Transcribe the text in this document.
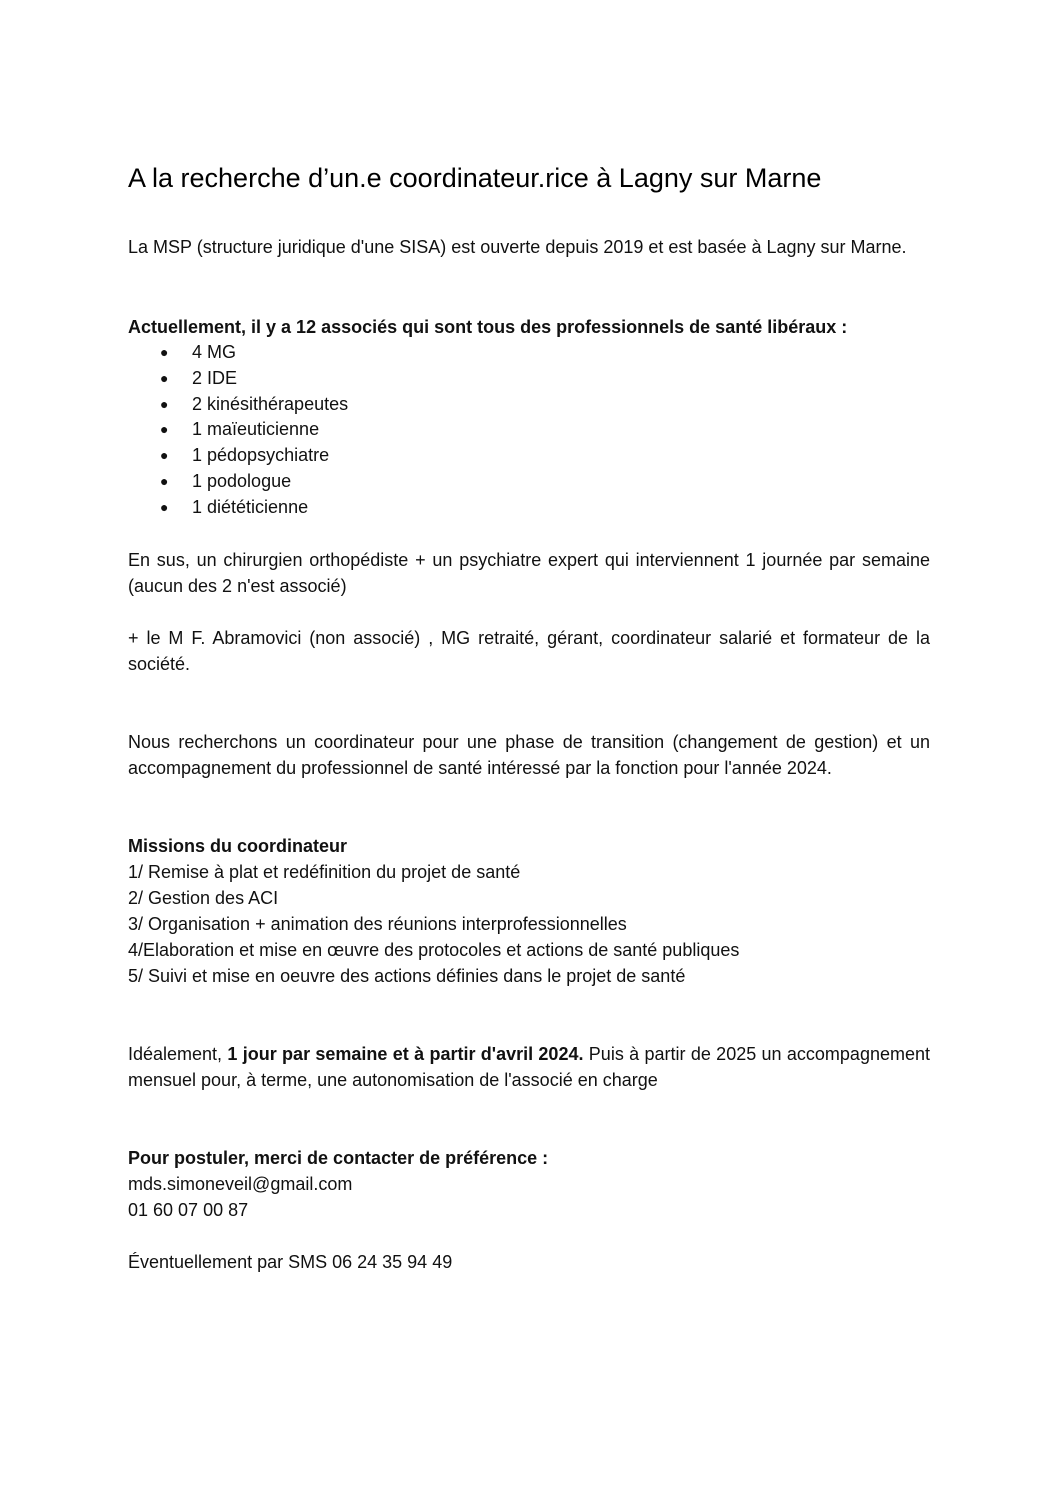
A la recherche d’un.e coordinateur.rice à Lagny sur Marne

La MSP (structure juridique d'une SISA) est ouverte depuis 2019 et est basée à Lagny sur Marne.

Actuellement, il y a 12 associés qui sont tous des professionnels de santé libéraux :

● 4 MG
● 2 IDE
● 2 kinésithérapeutes
● 1 maïeuticienne
● 1 pédopsychiatre
● 1 podologue
● 1 diététicienne

En sus, un chirurgien orthopédiste + un psychiatre expert qui interviennent 1 journée par semaine (aucun des 2 n'est associé)

+ le M F. Abramovici (non associé) , MG retraité, gérant, coordinateur salarié et formateur de la société.

Nous recherchons un coordinateur pour une phase de transition (changement de gestion) et un accompagnement du professionnel de santé intéressé par la fonction pour l'année 2024.

Missions du coordinateur

1/ Remise à plat et redéfinition du projet de santé
2/ Gestion des ACI
3/ Organisation + animation des réunions interprofessionnelles
4/Elaboration et mise en œuvre des protocoles et actions de santé publiques
5/ Suivi et mise en oeuvre des actions définies dans le projet de santé

Idéalement, 1 jour par semaine et à partir d'avril 2024. Puis à partir de 2025 un accompagnement mensuel pour, à terme, une autonomisation de l'associé en charge

Pour postuler, merci de contacter de préférence :

mds.simoneveil@gmail.com
01 60 07 00 87

Éventuellement par SMS 06 24 35 94 49
